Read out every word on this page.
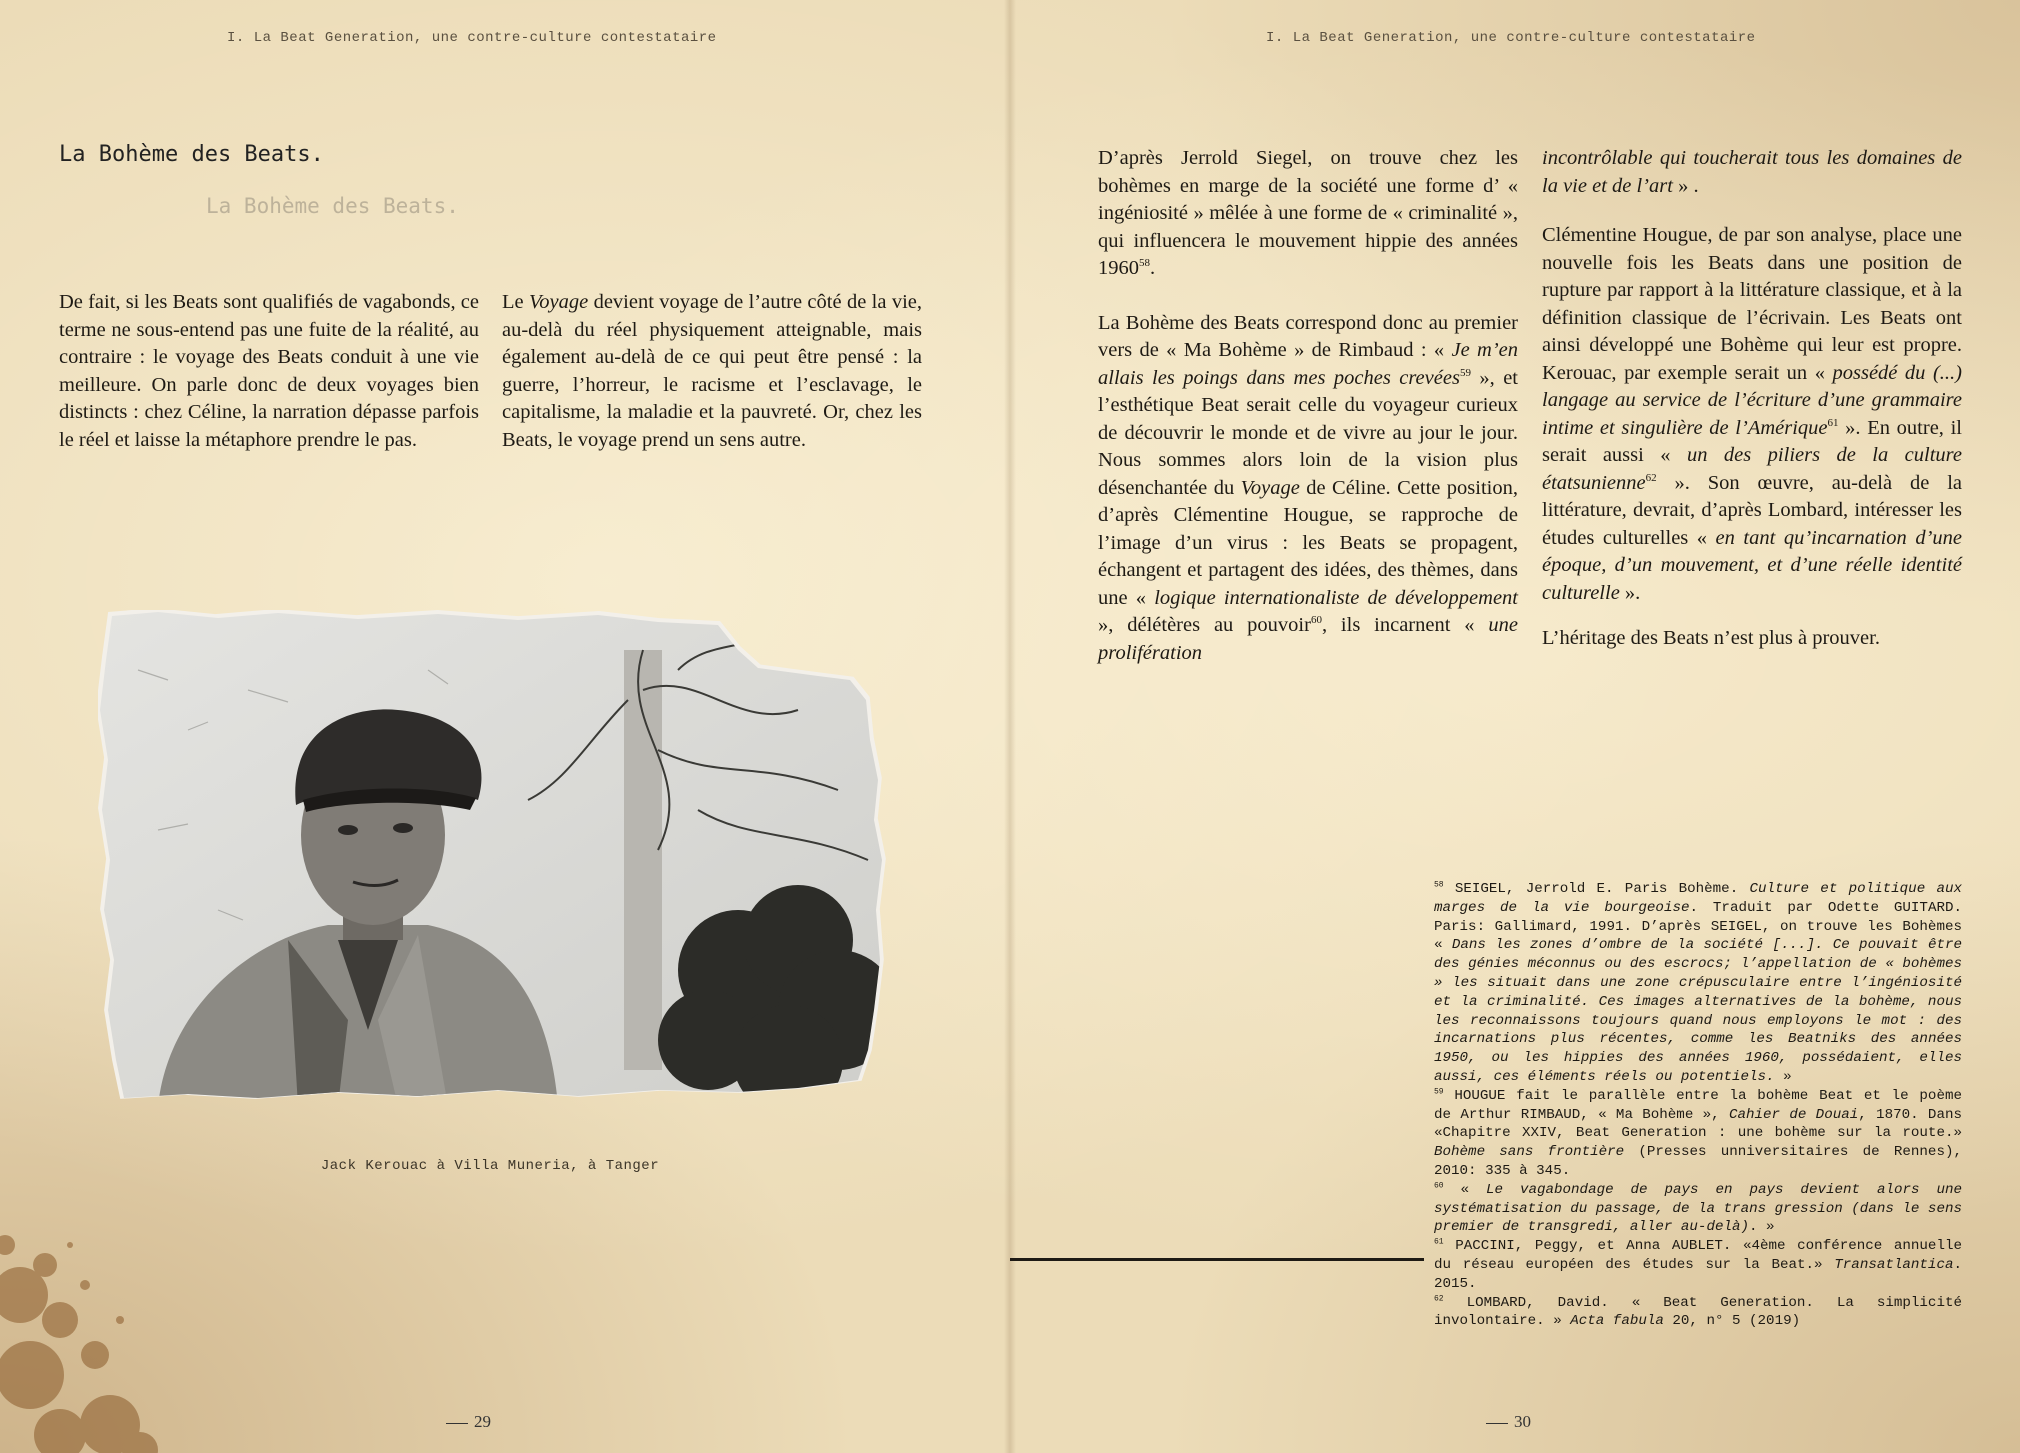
I. La Beat Generation, une contre-culture contestataire
La Bohème des Beats.
La Bohème des Beats.

De fait, si les Beats sont qualifiés de vagabonds, ce terme ne sous-entend pas une fuite de la réalité, au contraire : le voyage des Beats conduit à une vie meilleure. On parle donc de deux voyages bien distincts : chez Céline, la narration dépasse parfois le réel et laisse la métaphore prendre le pas.

Le Voyage devient voyage de l’autre côté de la vie, au-delà du réel physiquement atteignable, mais également au-delà de ce qui peut être pensé : la guerre, l’horreur, le racisme et l’esclavage, le capitalisme, la maladie et la pauvreté. Or, chez les Beats, le voyage prend un sens autre.

Jack Kerouac à Villa Muneria, à Tanger
29
I. La Beat Generation, une contre-culture contestataire

D’après Jerrold Siegel, on trouve chez les bohèmes en marge de la société une forme d’ « ingéniosité » mêlée à une forme de « criminalité », qui influencera le mouvement hippie des années 1960$^{58}$.

La Bohème des Beats correspond donc au premier vers de « Ma Bohème » de Rimbaud : « Je m’en allais les poings dans mes poches crevées$^{59}$ », et l’esthétique Beat serait celle du voyageur curieux de découvrir le monde et de vivre au jour le jour. Nous sommes alors loin de la vision plus désenchantée du Voyage de Céline. Cette position, d’après Clémentine Hougue, se rapproche de l’image d’un virus : les Beats se propagent, échangent et partagent des idées, des thèmes, dans une « logique internationaliste de développement », délétères au pouvoir$^{60}$, ils incarnent « une prolifération

incontrôlable qui toucherait tous les domaines de la vie et de l’art » .

Clémentine Hougue, de par son analyse, place une nouvelle fois les Beats dans une position de rupture par rapport à la littérature classique, et à la définition classique de l’écrivain. Les Beats ont ainsi développé une Bohème qui leur est propre. Kerouac, par exemple serait un « possédé du (...) langage au service de l’écriture d’une grammaire intime et singulière de l’Amérique$^{61}$ ». En outre, il serait aussi « un des piliers de la culture étatsunienne$^{62}$ ». Son œuvre, au-delà de la littérature, devrait, d’après Lombard, intéresser les études culturelles « en tant qu’incarnation d’une époque, d’un mouvement, et d’une réelle identité culturelle ».

L’héritage des Beats n’est plus à prouver.

$^{58}$ SEIGEL, Jerrold E. Paris Bohème. Culture et politique aux marges de la vie bourgeoise. Traduit par Odette GUITARD. Paris: Gallimard, 1991. D’après SEIGEL, on trouve les Bohèmes « Dans les zones d’ombre de la société [...]. Ce pouvait être des génies méconnus ou des escrocs; l’appellation de « bohèmes » les situait dans une zone crépusculaire entre l’ingéniosité et la criminalité. Ces images alternatives de la bohème, nous les reconnaissons toujours quand nous employons le mot : des incarnations plus récentes, comme les Beatniks des années 1950, ou les hippies des années 1960, possédaient, elles aussi, ces éléments réels ou potentiels. »
$^{59}$ HOUGUE fait le parallèle entre la bohème Beat et le poème de Arthur RIMBAUD, « Ma Bohème », Cahier de Douai, 1870. Dans «Chapitre XXIV, Beat Generation : une bohème sur la route.» Bohème sans frontière (Presses unniversitaires de Rennes), 2010: 335 à 345.
$^{60}$ « Le vagabondage de pays en pays devient alors une systématisation du passage, de la trans gression (dans le sens premier de transgredi, aller au-delà). »
$^{61}$ PACCINI, Peggy, et Anna AUBLET. «4ème conférence annuelle du réseau européen des études sur la Beat.» Transatlantica. 2015.
$^{62}$ LOMBARD, David. « Beat Generation. La simplicité involontaire. » Acta fabula 20, n° 5 (2019)
30
